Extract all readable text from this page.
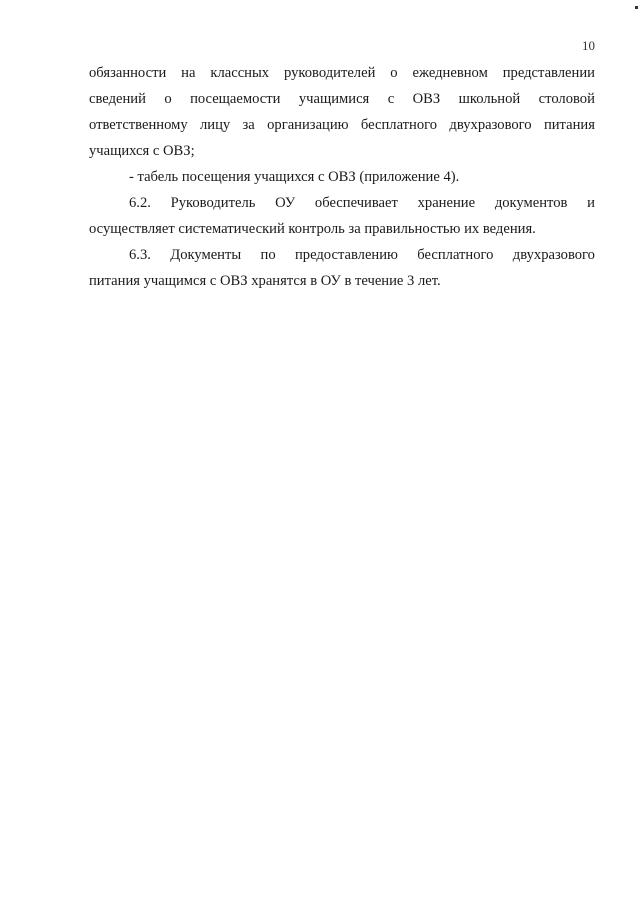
10
обязанности на классных руководителей о ежедневном представлении
сведений о посещаемости учащимися с ОВЗ школьной столовой
ответственному лицу за организацию бесплатного двухразового питания
учащихся с ОВЗ;
- табель посещения учащихся с ОВЗ (приложение 4).
6.2. Руководитель ОУ обеспечивает хранение документов и
осуществляет систематический контроль за правильностью их ведения.
6.3. Документы по предоставлению бесплатного двухразового
питания учащимся с ОВЗ хранятся в ОУ в течение 3 лет.
